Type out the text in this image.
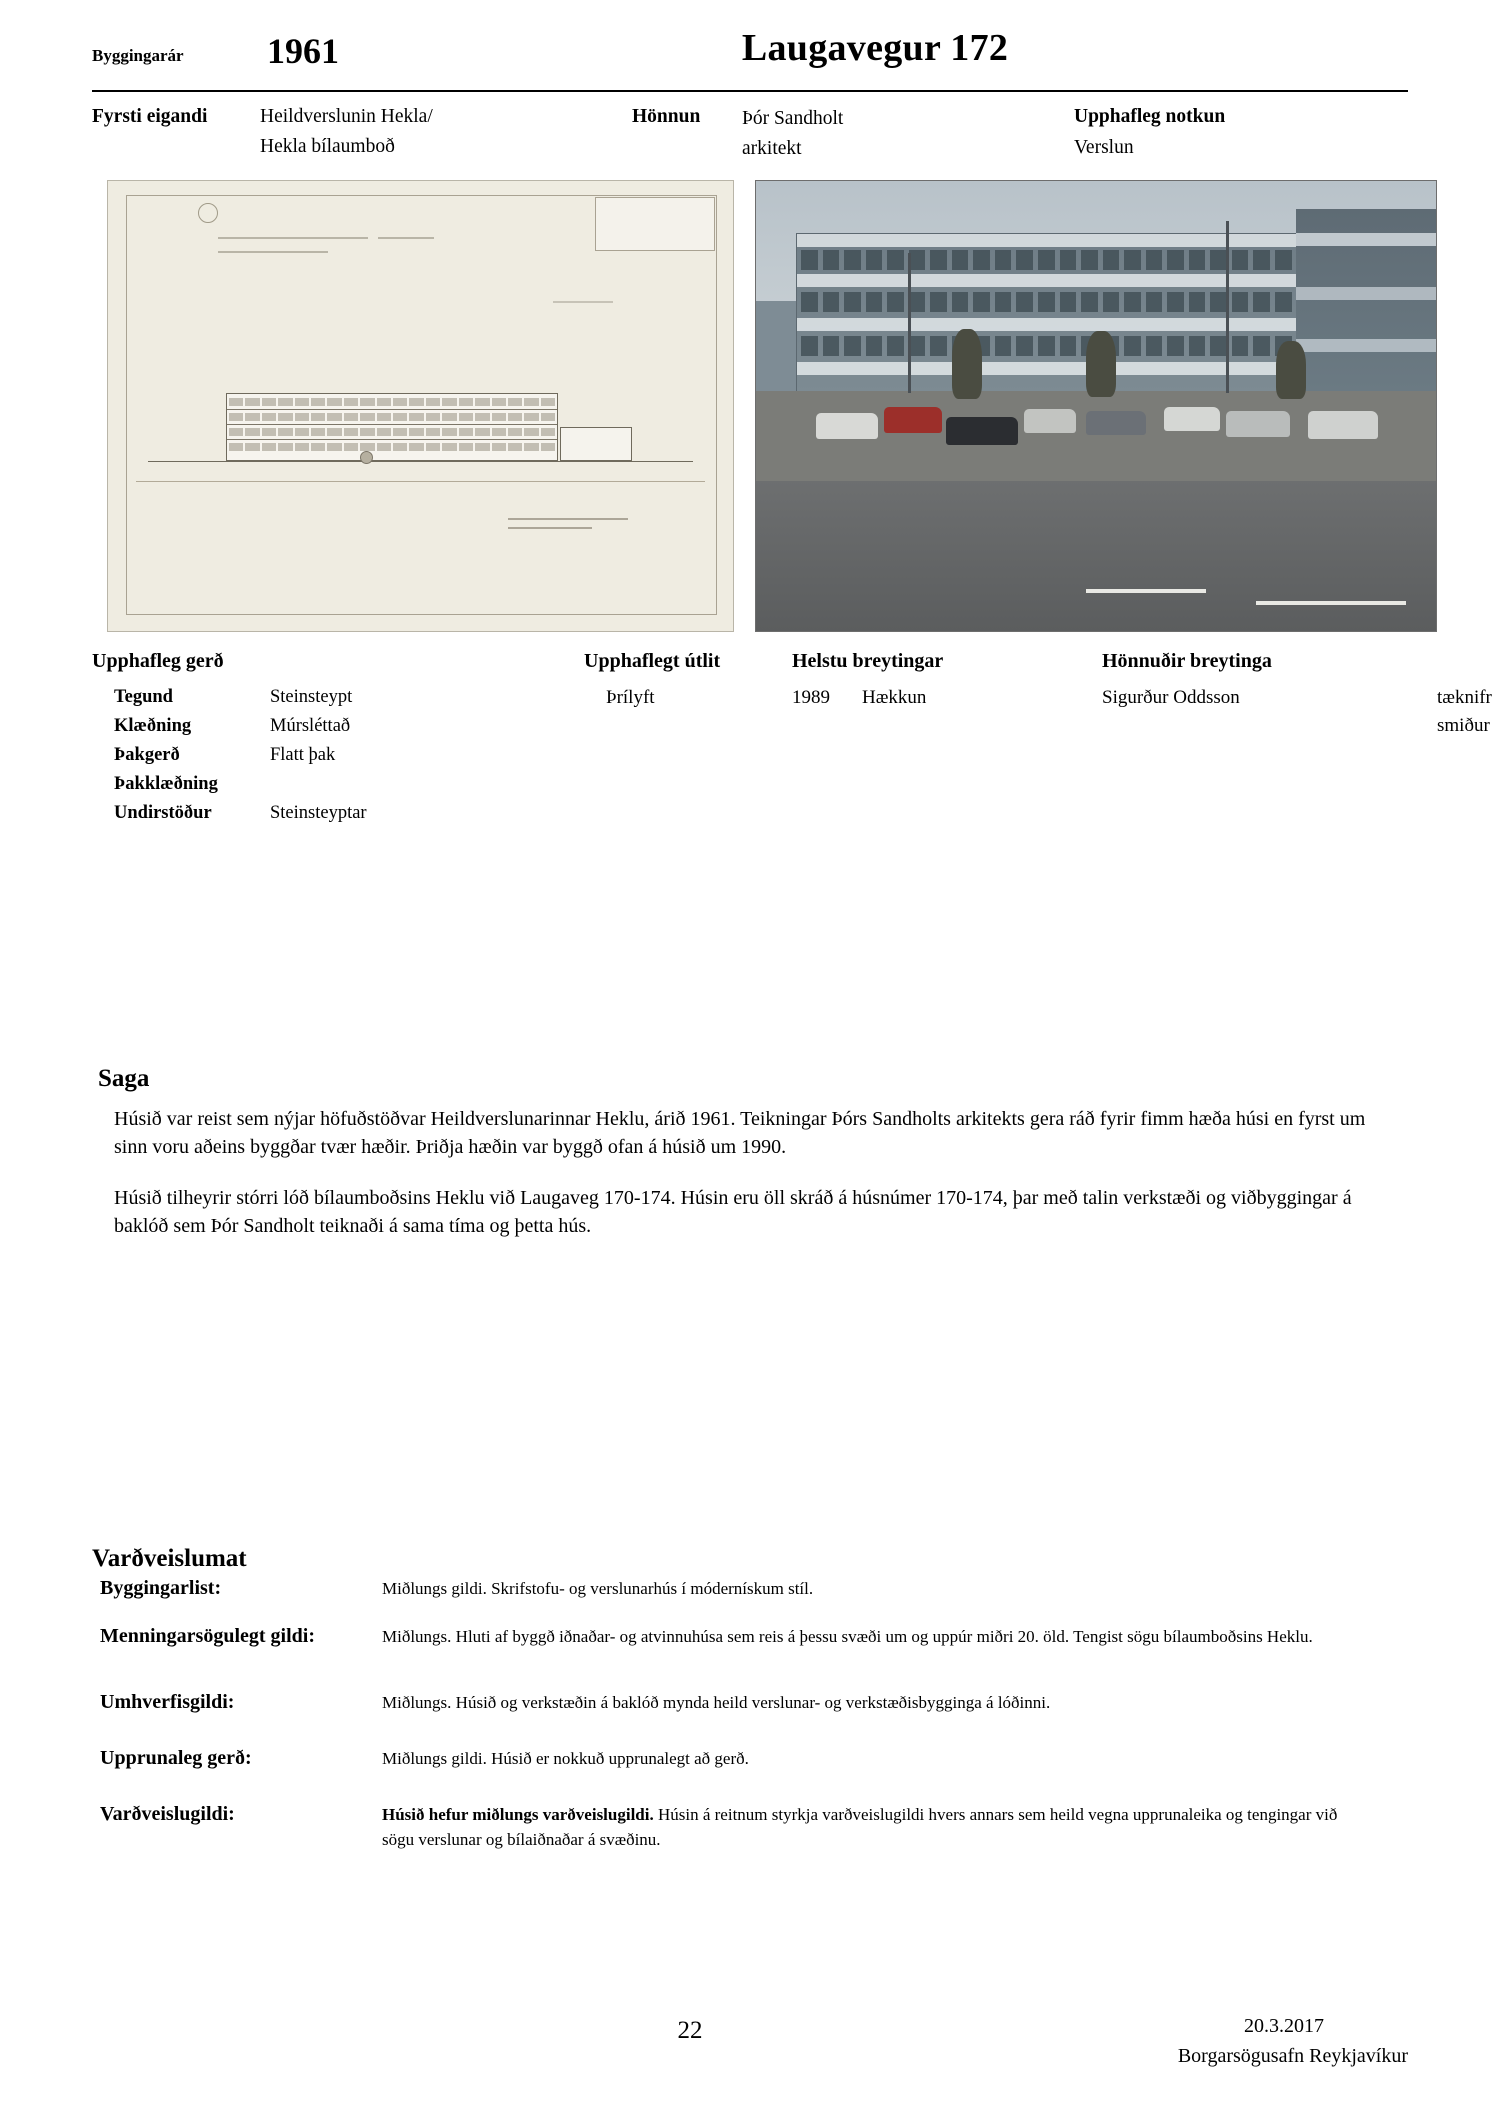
Byggingarár 1961	Laugavegur 172
Fyrsti eigandi	Heildverslunin Hekla/
Hekla bílaumboð
Hönnun Þór Sandholt
arkitekt
Upphafleg notkun
Verslun
Upphafleg gerð
Tegund	Steinsteypt
Klæðning	Múrsléttað
Þakgerð	Flatt þak
Þakklæðning
Undirstöður	Steinsteyptar
Upphaflegt útlit
Þrílyft
Helstu breytingar
1989	Hækkun
Hönnuðir breytinga
Sigurður Oddsson	tæknifr
smiður
Saga

Húsið var reist sem nýjar höfuðstöðvar Heildverslunarinnar Heklu, árið 1961. Teikningar Þórs Sandholts arkitekts gera ráð fyrir fimm hæða húsi en fyrst um sinn voru aðeins byggðar tvær hæðir. Þriðja hæðin var byggð ofan á húsið um 1990.

Húsið tilheyrir stórri lóð bílaumboðsins Heklu við Laugaveg 170-174. Húsin eru öll skráð á húsnúmer 170-174, þar með talin verkstæði og viðbyggingar á baklóð sem Þór Sandholt teiknaði á sama tíma og þetta hús.

Varðveislumat
Byggingarlist:	Miðlungs gildi. Skrifstofu- og verslunarhús í módernískum stíl.
Menningarsögulegt gildi:	Miðlungs. Hluti af byggð iðnaðar- og atvinnuhúsa sem reis á þessu svæði um og uppúr miðri 20. öld. Tengist sögu bílaumboðsins Heklu.
Umhverfisgildi:	Miðlungs. Húsið og verkstæðin á baklóð mynda heild verslunar- og verkstæðisbygginga á lóðinni.
Upprunaleg gerð:	Miðlungs gildi. Húsið er nokkuð upprunalegt að gerð.
Varðveislugildi:	Húsið hefur miðlungs varðveislugildi. Húsin á reitnum styrkja varðveislugildi hvers annars sem heild vegna upprunaleika og tengingar við sögu verslunar og bílaiðnaðar á svæðinu.
22	20.3.2017
Borgarsögusafn Reykjavíkur
